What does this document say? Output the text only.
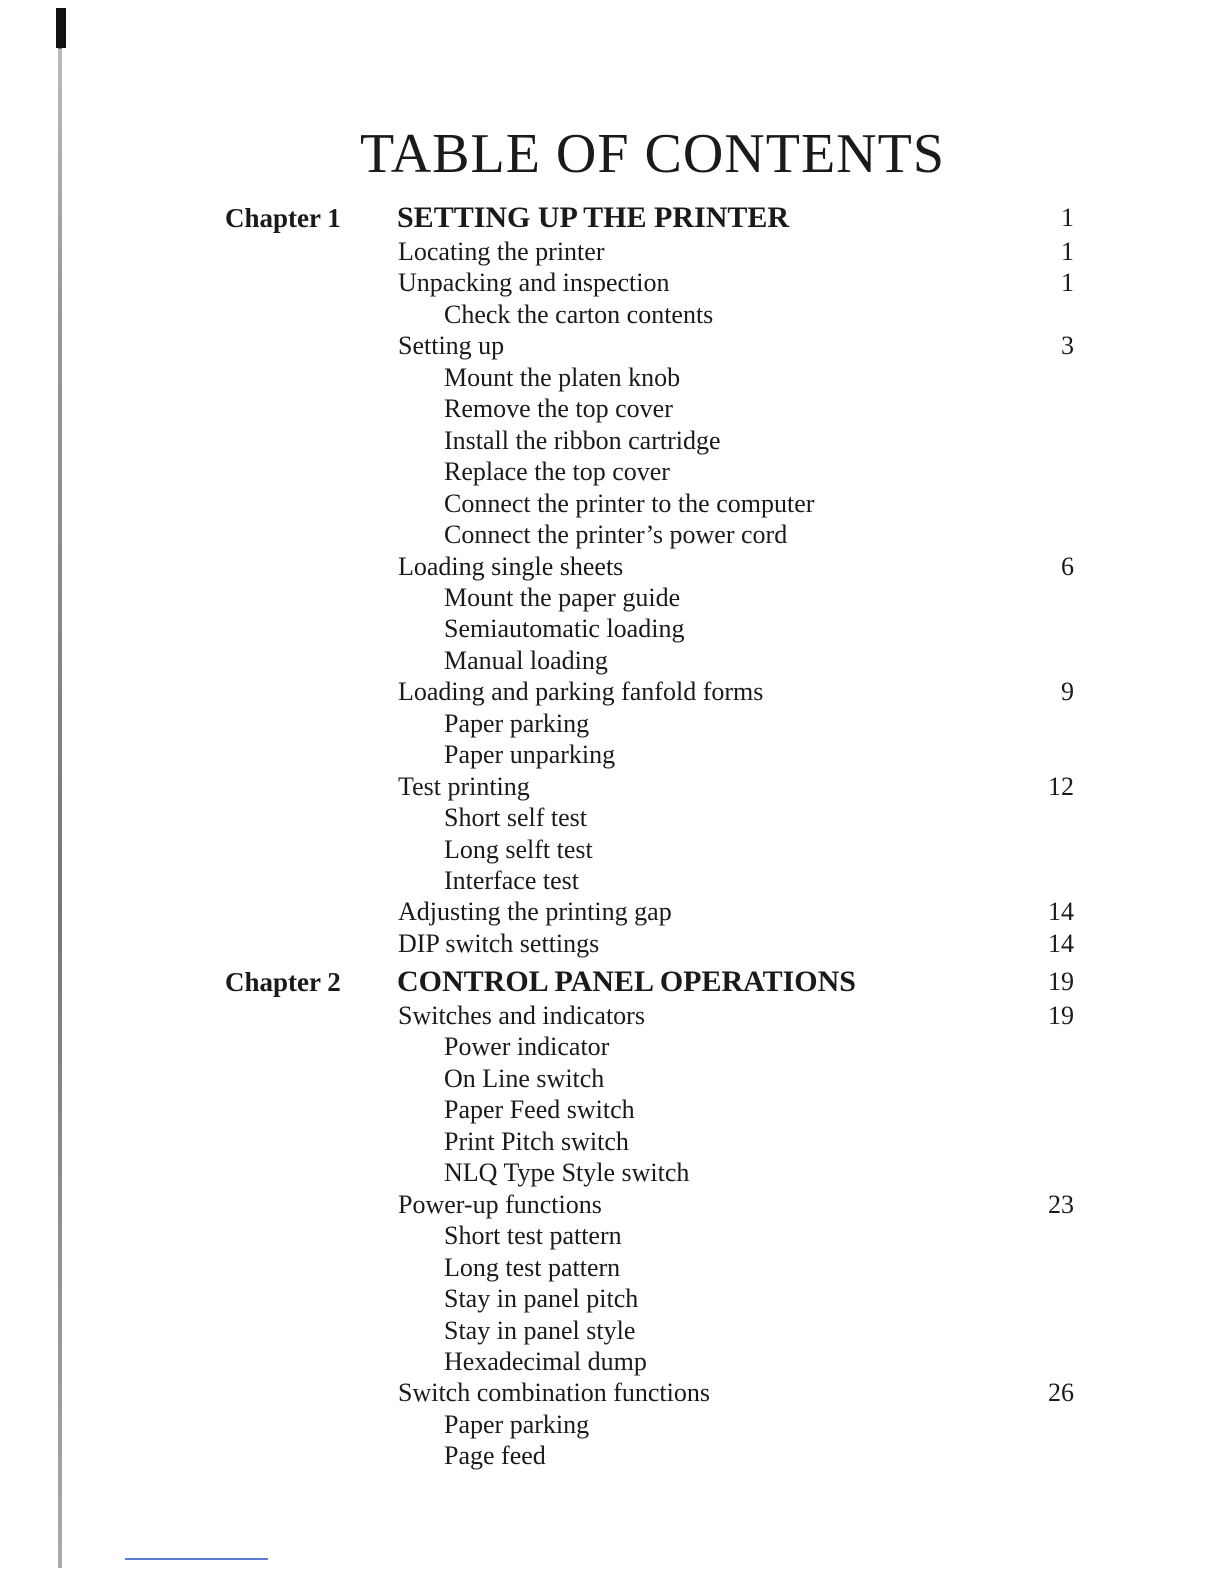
TABLE OF CONTENTS
Chapter 1 SETTING UP THE PRINTER	1
Locating the printer	1
Unpacking and inspection	1
Check the carton contents
Setting up	3
Mount the platen knob
Remove the top cover
Install the ribbon cartridge
Replace the top cover
Connect the printer to the computer
Connect the printer’s power cord
Loading single sheets	6
Mount the paper guide
Semiautomatic loading
Manual loading
Loading and parking fanfold forms	9
Paper parking
Paper unparking
Test printing	12
Short self test
Long selft test
Interface test
Adjusting the printing gap	14
DIP switch settings	14
Chapter 2 CONTROL PANEL OPERATIONS	19
Switches and indicators	19
Power indicator
On Line switch
Paper Feed switch
Print Pitch switch
NLQ Type Style switch
Power-up functions	23
Short test pattern
Long test pattern
Stay in panel pitch
Stay in panel style
Hexadecimal dump
Switch combination functions	26
Paper parking
Page feed
